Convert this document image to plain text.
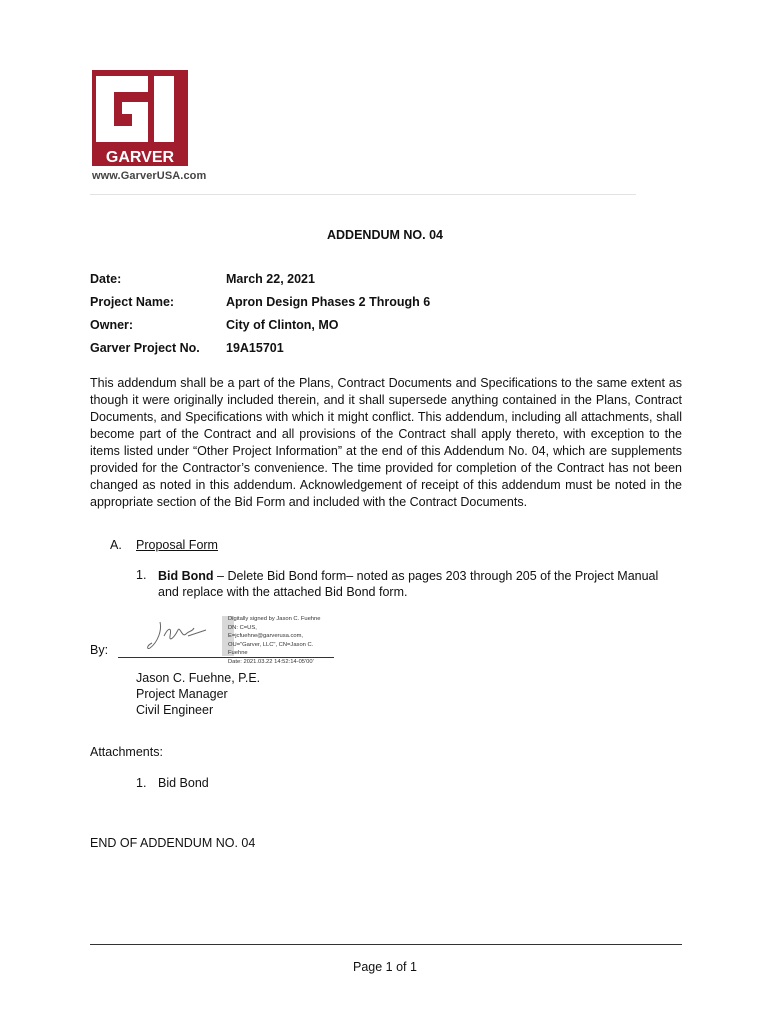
GARVER
www.GarverUSA.com
ADDENDUM NO. 04
Date:	March 22, 2021
Project Name:	Apron Design Phases 2 Through 6
Owner:	City of Clinton, MO
Garver Project No. 19A15701
This addendum shall be a part of the Plans, Contract Documents and Specifications to the same extent as though it were originally included therein, and it shall supersede anything contained in the Plans, Contract Documents, and Specifications with which it might conflict. This addendum, including all attachments, shall become part of the Contract and all provisions of the Contract shall apply thereto, with exception to the items listed under “Other Project Information” at the end of this Addendum No. 04, which are supplements provided for the Contractor’s convenience. The time provided for completion of the Contract has not been changed as noted in this addendum. Acknowledgement of receipt of this addendum must be noted in the appropriate section of the Bid Form and included with the Contract Documents.
A. Proposal Form
1. Bid Bond – Delete Bid Bond form– noted as pages 203 through 205 of the Project Manual and replace with the attached Bid Bond form.
By:
Digitally signed by Jason C. Fuehne
DN: C=US,
E=jcfuehne@garverusa.com,
OU="Garver, LLC", CN=Jason C.
Fuehne
Date: 2021.03.22 14:52:14-05'00'
Jason C. Fuehne, P.E.
Project Manager
Civil Engineer
Attachments:
1. Bid Bond
END OF ADDENDUM NO. 04
Page 1 of 1
